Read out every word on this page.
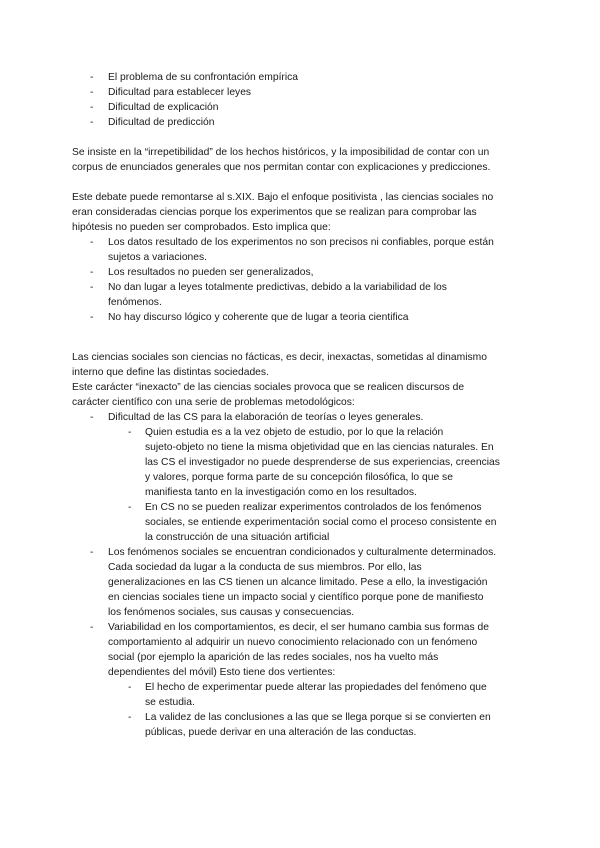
- El problema de su confrontación empírica
- Dificultad para establecer leyes
- Dificultad de explicación
- Dificultad de predicción
Se insiste en la “irrepetibilidad” de los hechos históricos, y la imposibilidad de contar con un
corpus de enunciados generales que nos permitan contar con explicaciones y predicciones.
Este debate puede remontarse al s.XIX. Bajo el enfoque positivista , las ciencias sociales no
eran consideradas ciencias porque los experimentos que se realizan para comprobar las
hipótesis no pueden ser comprobados. Esto implica que:
- Los datos resultado de los experimentos no son precisos ni confiables, porque están
sujetos a variaciones.
- Los resultados no pueden ser generalizados,
- No dan lugar a leyes totalmente predictivas, debido a la variabilidad de los
fenómenos.
- No hay discurso lógico y coherente que de lugar a teoria cientifica
Las ciencias sociales son ciencias no fácticas, es decir, inexactas, sometidas al dinamismo
interno que define las distintas sociedades.
Este carácter “inexacto” de las ciencias sociales provoca que se realicen discursos de
carácter científico con una serie de problemas metodológicos:
- Dificultad de las CS para la elaboración de teorías o leyes generales.
- Quien estudia es a la vez objeto de estudio, por lo que la relación
sujeto-objeto no tiene la misma objetividad que en las ciencias naturales. En
las CS el investigador no puede desprenderse de sus experiencias, creencias
y valores, porque forma parte de su concepción filosófica, lo que se
manifiesta tanto en la investigación como en los resultados.
- En CS no se pueden realizar experimentos controlados de los fenómenos
sociales, se entiende experimentación social como el proceso consistente en
la construcción de una situación artificial
- Los fenómenos sociales se encuentran condicionados y culturalmente determinados.
Cada sociedad da lugar a la conducta de sus miembros. Por ello, las
generalizaciones en las CS tienen un alcance limitado. Pese a ello, la investigación
en ciencias sociales tiene un impacto social y científico porque pone de manifiesto
los fenómenos sociales, sus causas y consecuencias.
- Variabilidad en los comportamientos, es decir, el ser humano cambia sus formas de
comportamiento al adquirir un nuevo conocimiento relacionado con un fenómeno
social (por ejemplo la aparición de las redes sociales, nos ha vuelto más
dependientes del móvil) Esto tiene dos vertientes:
- El hecho de experimentar puede alterar las propiedades del fenómeno que
se estudia.
- La validez de las conclusiones a las que se llega porque si se convierten en
públicas, puede derivar en una alteración de las conductas.
